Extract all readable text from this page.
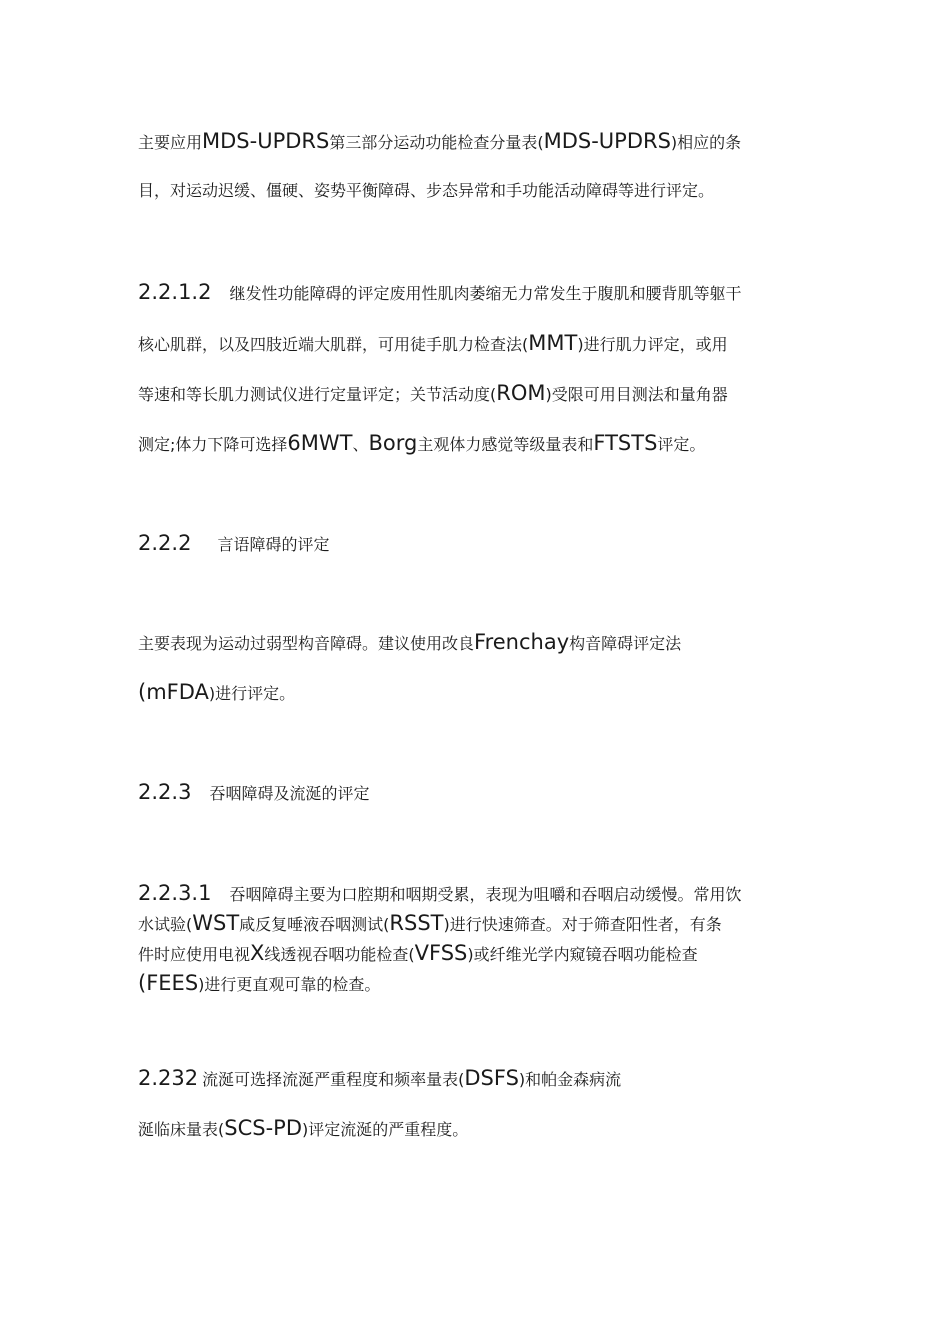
主要应用MDS-UPDRS第三部分运动功能检查分量表(MDS-UPDRS)相应的条
目，对运动迟缓、僵硬、姿势平衡障碍、步态异常和手功能活动障碍等进行评定。
2.2.1.2 继发性功能障碍的评定废用性肌肉萎缩无力常发生于腹肌和腰背肌等躯干
核心肌群，以及四肢近端大肌群，可用徒手肌力检查法(MMT)进行肌力评定，或用
等速和等长肌力测试仪进行定量评定；关节活动度(ROM)受限可用目测法和量角器
测定;体力下降可选择6MWT、Borg主观体力感觉等级量表和FTSTS评定。
2.2.2 言语障碍的评定
主要表现为运动过弱型构音障碍。建议使用改良Frenchay构音障碍评定法
(mFDA)进行评定。
2.2.3 吞咽障碍及流涎的评定
2.2.3.1 吞咽障碍主要为口腔期和咽期受累，表现为咀嚼和吞咽启动缓慢。常用饮
水试验(WST咸反复唾液吞咽测试(RSST)进行快速筛查。对于筛查阳性者，有条
件时应使用电视X线透视吞咽功能检查(VFSS)或纤维光学内窥镜吞咽功能检查
(FEES)进行更直观可靠的检查。
2.232 流涎可选择流涎严重程度和频率量表(DSFS)和帕金森病流
涎临床量表(SCS-PD)评定流涎的严重程度。
